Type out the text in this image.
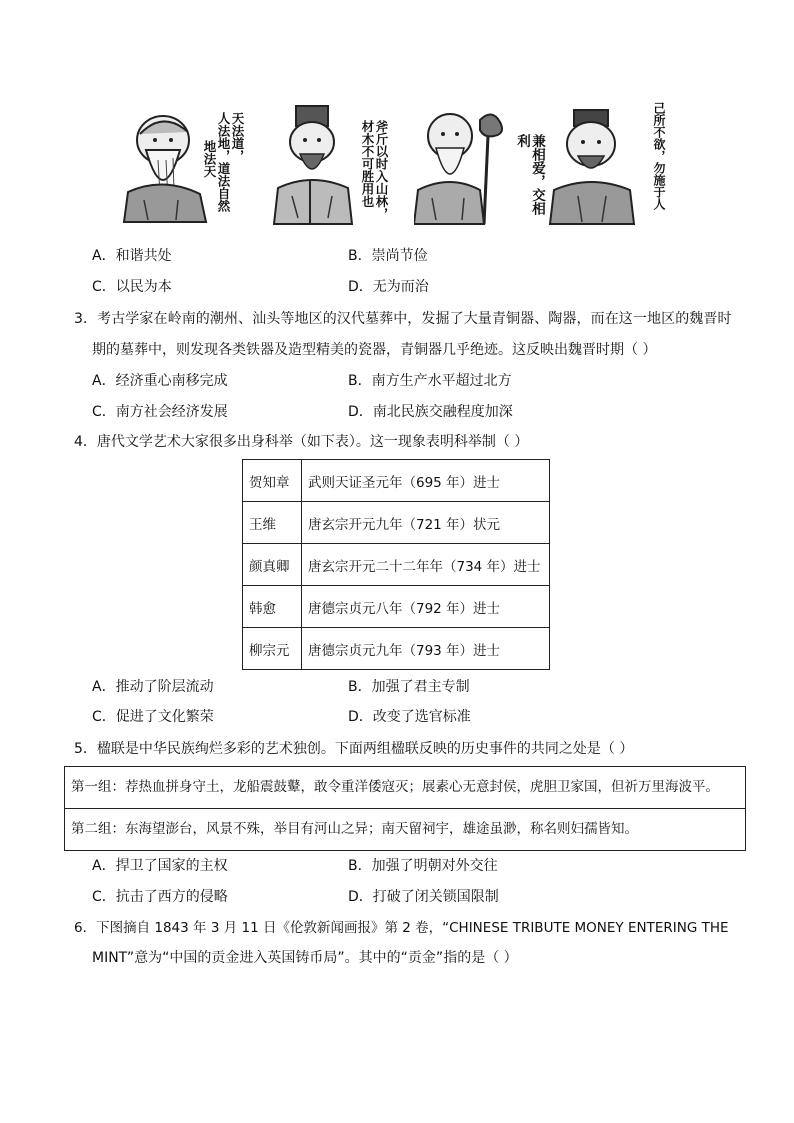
天法道，
人法地，道法自然
地法天	斧斤以时入山林，
材木不可胜用也	兼相爱，交相利	己所不欲，勿施于人
A．和谐共处	B．崇尚节俭
C．以民为本	D．无为而治
3．考古学家在岭南的潮州、汕头等地区的汉代墓葬中，发掘了大量青铜器、陶器，而在这一地区的魏晋时
期的墓葬中，则发现各类铁器及造型精美的瓷器，青铜器几乎绝迹。这反映出魏晋时期（ ）
A．经济重心南移完成	B．南方生产水平超过北方
C．南方社会经济发展	D．南北民族交融程度加深
4．唐代文学艺术大家很多出身科举（如下表）。这一现象表明科举制（ ）
贺知章	武则天证圣元年（695 年）进士
王维	唐玄宗开元九年（721 年）状元
颜真卿	唐玄宗开元二十二年年（734 年）进士
韩愈	唐德宗贞元八年（792 年）进士
柳宗元	唐德宗贞元九年（793 年）进士
A．推动了阶层流动	B．加强了君主专制
C．促进了文化繁荣	D．改变了选官标准
5．楹联是中华民族绚烂多彩的艺术独创。下面两组楹联反映的历史事件的共同之处是（ ）
第一组：荐热血拼身守土，龙船震鼓鼙，敢令重洋倭寇灭；展素心无意封侯，虎胆卫家国，但祈万里海波平。
第二组：东海望澎台，风景不殊，举目有河山之异；南天留祠宇，雄途虽渺，称名则妇孺皆知。
A．捍卫了国家的主权	B．加强了明朝对外交往
C．抗击了西方的侵略	D．打破了闭关锁国限制
6．下图摘自 1843 年 3 月 11 日《伦敦新闻画报》第 2 卷，“CHINESE TRIBUTE MONEY ENTERING THE
MINT”意为“中国的贡金进入英国铸币局”。其中的“贡金”指的是（ ）
